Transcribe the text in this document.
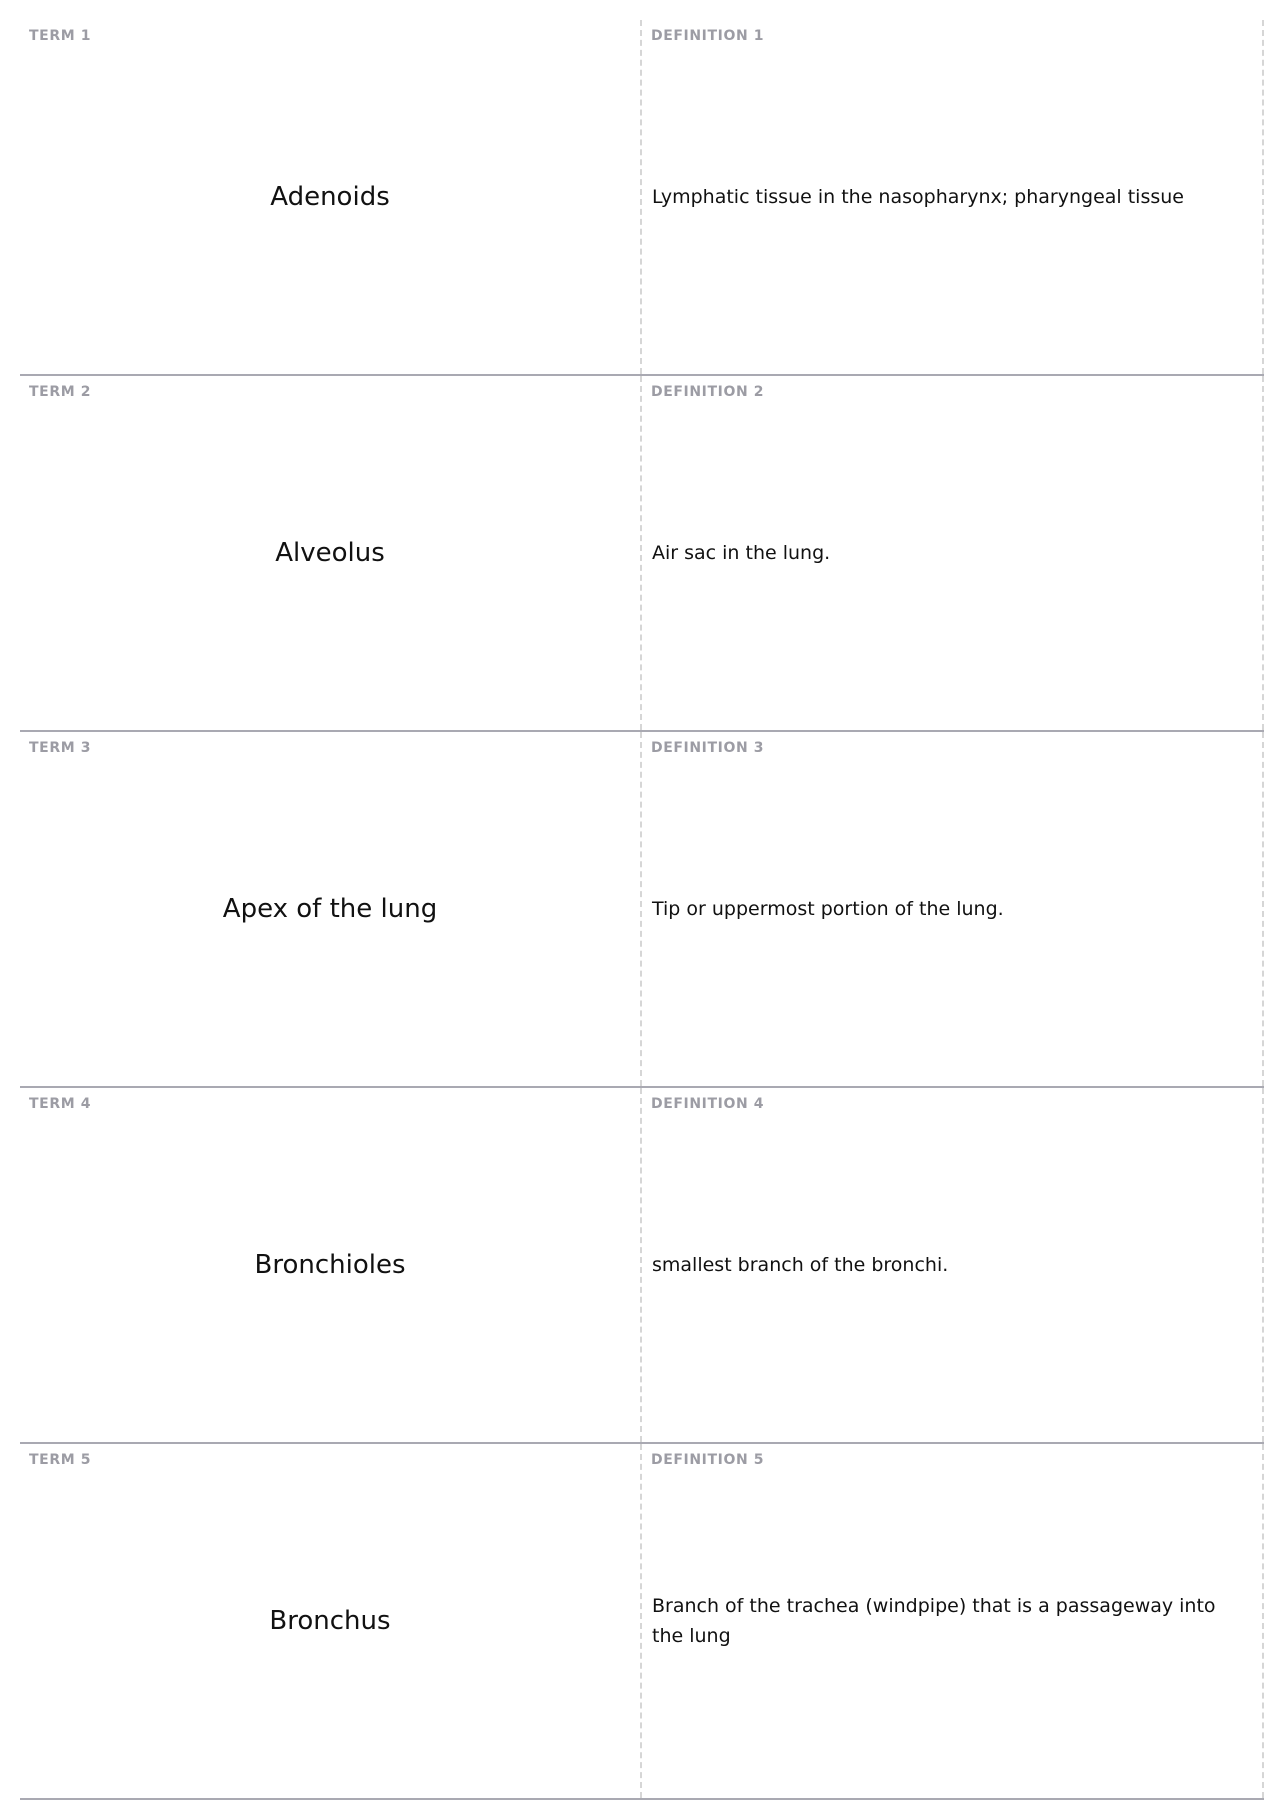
TERM 1
Adenoids
DEFINITION 1
Lymphatic tissue in the nasopharynx; pharyngeal tissue
TERM 2
Alveolus
DEFINITION 2
Air sac in the lung.
TERM 3
Apex of the lung
DEFINITION 3
Tip or uppermost portion of the lung.
TERM 4
Bronchioles
DEFINITION 4
smallest branch of the bronchi.
TERM 5
Bronchus
DEFINITION 5
Branch of the trachea (windpipe) that is a passageway into the lung
